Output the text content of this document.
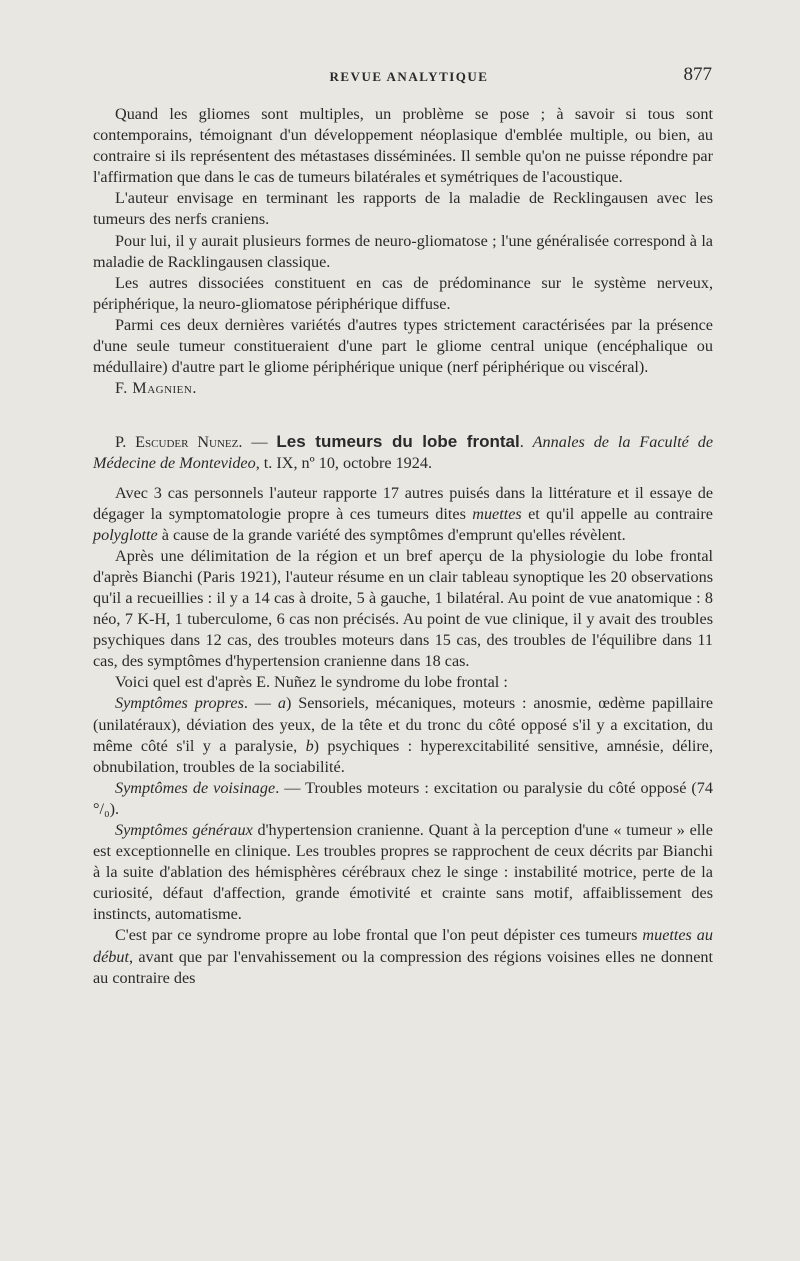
REVUE ANALYTIQUE	877

Quand les gliomes sont multiples, un problème se pose ; à savoir si tous sont contemporains, témoignant d'un développement néoplasique d'emblée multiple, ou bien, au contraire si ils représentent des métastases disséminées. Il semble qu'on ne puisse répondre par l'affirmation que dans le cas de tumeurs bilatérales et symétriques de l'acoustique.

L'auteur envisage en terminant les rapports de la maladie de Recklingausen avec les tumeurs des nerfs craniens.

Pour lui, il y aurait plusieurs formes de neuro-gliomatose ; l'une généralisée correspond à la maladie de Racklingausen classique.

Les autres dissociées constituent en cas de prédominance sur le système nerveux, périphérique, la neuro-gliomatose périphérique diffuse.

Parmi ces deux dernières variétés d'autres types strictement caractérisées par la présence d'une seule tumeur constitueraient d'une part le gliome central unique (encéphalique ou médullaire) d'autre part le gliome périphérique unique (nerf périphérique ou viscéral).

F. Magnien.

P. Escuder Nunez. — Les tumeurs du lobe frontal. Annales de la Faculté de Médecine de Montevideo, t. IX, nº 10, octobre 1924.

Avec 3 cas personnels l'auteur rapporte 17 autres puisés dans la littérature et il essaye de dégager la symptomatologie propre à ces tumeurs dites muettes et qu'il appelle au contraire polyglotte à cause de la grande variété des symptômes d'emprunt qu'elles révèlent.

Après une délimitation de la région et un bref aperçu de la physiologie du lobe frontal d'après Bianchi (Paris 1921), l'auteur résume en un clair tableau synoptique les 20 observations qu'il a recueillies : il y a 14 cas à droite, 5 à gauche, 1 bilatéral. Au point de vue anatomique : 8 néo, 7 K-H, 1 tuberculome, 6 cas non précisés. Au point de vue clinique, il y avait des troubles psychiques dans 12 cas, des troubles moteurs dans 15 cas, des troubles de l'équilibre dans 11 cas, des symptômes d'hypertension cranienne dans 18 cas.

Voici quel est d'après E. Nuñez le syndrome du lobe frontal :

Symptômes propres. — a) Sensoriels, mécaniques, moteurs : anosmie, œdème papillaire (unilatéraux), déviation des yeux, de la tête et du tronc du côté opposé s'il y a excitation, du même côté s'il y a paralysie, b) psychiques : hyperexcitabilité sensitive, amnésie, délire, obnubilation, troubles de la sociabilité.

Symptômes de voisinage. — Troubles moteurs : excitation ou paralysie du côté opposé (74 °/₀).

Symptômes généraux d'hypertension cranienne. Quant à la perception d'une « tumeur » elle est exceptionnelle en clinique. Les troubles propres se rapprochent de ceux décrits par Bianchi à la suite d'ablation des hémisphères cérébraux chez le singe : instabilité motrice, perte de la curiosité, défaut d'affection, grande émotivité et crainte sans motif, affaiblissement des instincts, automatisme.

C'est par ce syndrome propre au lobe frontal que l'on peut dépister ces tumeurs muettes au début, avant que par l'envahissement ou la compression des régions voisines elles ne donnent au contraire des
